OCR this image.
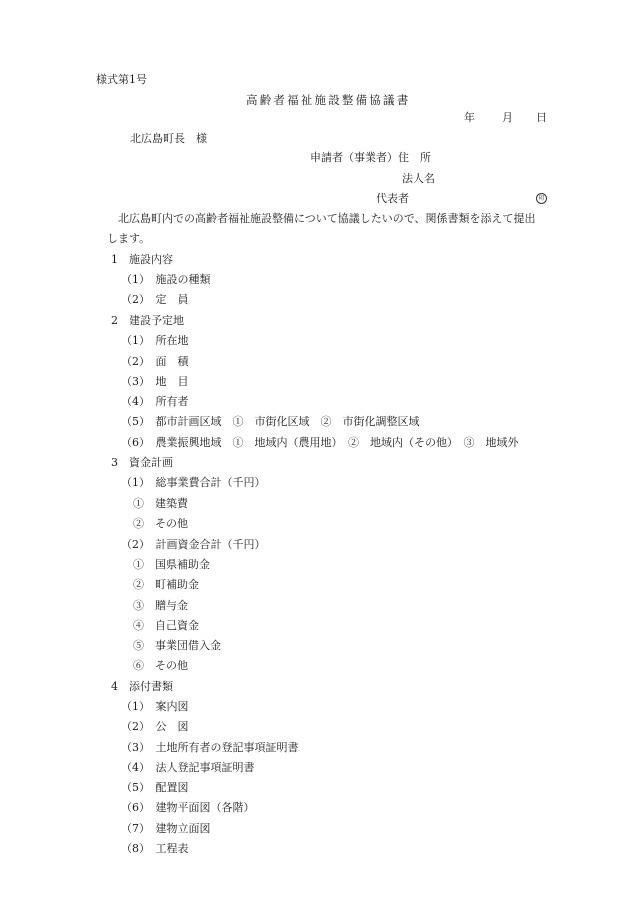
様式第1号
高齢者福祉施設整備協議書
年 月 日
北広島町長　様
申請者（事業者）住　所
法人名
代表者	印
北広島町内での高齢者福祉施設整備について協議したいので、関係書類を添えて提出
します。
1　施設内容
（1）　施設の種類
（2）　定　員
2　建設予定地
（1）　所在地
（2）　面　積
（3）　地　目
（4）　所有者
（5）　都市計画区域　①　市街化区域　②　市街化調整区域
（6）　農業振興地域　①　地域内（農用地）　②　地域内（その他）　③　地域外
3　資金計画
（1）　総事業費合計（千円）
①　建築費
②　その他
（2）　計画資金合計（千円）
①　国県補助金
②　町補助金
③　贈与金
④　自己資金
⑤　事業団借入金
⑥　その他
4　添付書類
（1）　案内図
（2）　公　図
（3）　土地所有者の登記事項証明書
（4）　法人登記事項証明書
（5）　配置図
（6）　建物平面図（各階）
（7）　建物立面図
（8）　工程表
